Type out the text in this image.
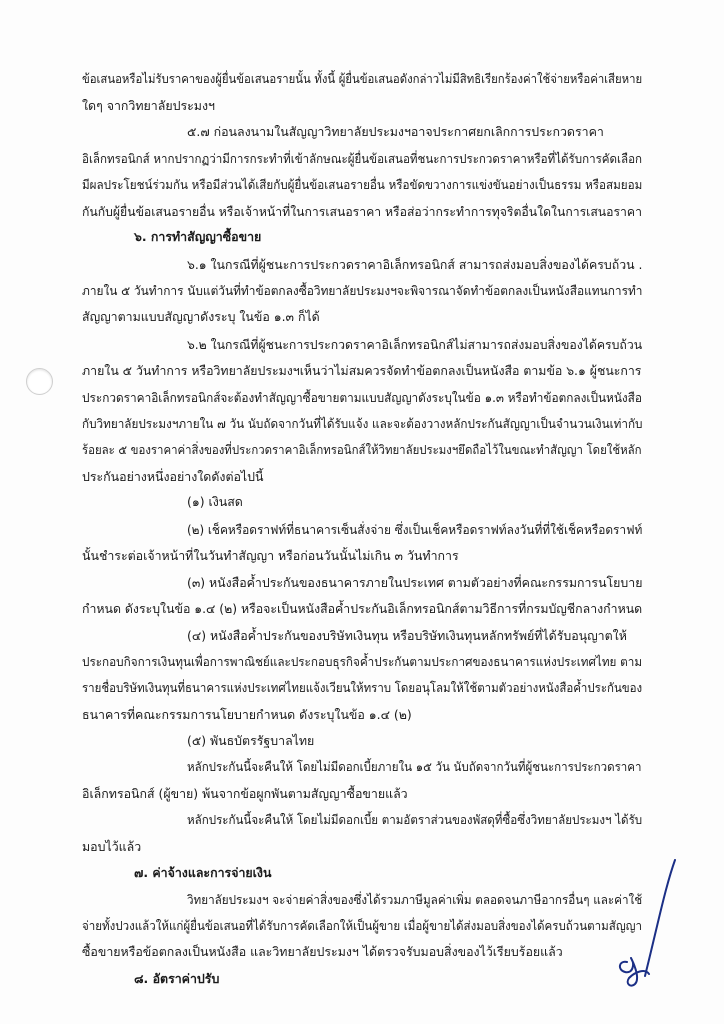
ข้อเสนอหรือไม่รับราคาของผู้ยื่นข้อเสนอรายนั้น ทั้งนี้ ผู้ยื่นข้อเสนอดังกล่าวไม่มีสิทธิเรียกร้องค่าใช้จ่ายหรือค่าเสียหาย
ใดๆ จากวิทยาลัยประมงฯ
๕.๗ ก่อนลงนามในสัญญาวิทยาลัยประมงฯอาจประกาศยกเลิกการประกวดราคา
อิเล็กทรอนิกส์ หากปรากฏว่ามีการกระทำที่เข้าลักษณะผู้ยื่นข้อเสนอที่ชนะการประกวดราคาหรือที่ได้รับการคัดเลือก
มีผลประโยชน์ร่วมกัน หรือมีส่วนได้เสียกับผู้ยื่นข้อเสนอรายอื่น หรือขัดขวางการแข่งขันอย่างเป็นธรรม หรือสมยอม
กันกับผู้ยื่นข้อเสนอรายอื่น หรือเจ้าหน้าที่ในการเสนอราคา หรือส่อว่ากระทำการทุจริตอื่นใดในการเสนอราคา
๖. การทำสัญญาซื้อขาย
๖.๑ ในกรณีที่ผู้ชนะการประกวดราคาอิเล็กทรอนิกส์ สามารถส่งมอบสิ่งของได้ครบถ้วน .
ภายใน ๕ วันทำการ นับแต่วันที่ทำข้อตกลงซื้อวิทยาลัยประมงฯจะพิจารณาจัดทำข้อตกลงเป็นหนังสือแทนการทำ
สัญญาตามแบบสัญญาดังระบุ ในข้อ ๑.๓ ก็ได้
๖.๒ ในกรณีที่ผู้ชนะการประกวดราคาอิเล็กทรอนิกส์ไม่สามารถส่งมอบสิ่งของได้ครบถ้วน
ภายใน ๕ วันทำการ หรือวิทยาลัยประมงฯเห็นว่าไม่สมควรจัดทำข้อตกลงเป็นหนังสือ ตามข้อ ๖.๑ ผู้ชนะการ
ประกวดราคาอิเล็กทรอนิกส์จะต้องทำสัญญาซื้อขายตามแบบสัญญาดังระบุในข้อ ๑.๓ หรือทำข้อตกลงเป็นหนังสือ
กับวิทยาลัยประมงฯภายใน ๗ วัน นับถัดจากวันที่ได้รับแจ้ง และจะต้องวางหลักประกันสัญญาเป็นจำนวนเงินเท่ากับ
ร้อยละ ๕ ของราคาค่าสิ่งของที่ประกวดราคาอิเล็กทรอนิกส์ให้วิทยาลัยประมงฯยึดถือไว้ในขณะทำสัญญา โดยใช้หลัก
ประกันอย่างหนึ่งอย่างใดดังต่อไปนี้
(๑) เงินสด
(๒) เช็คหรือดราฟท์ที่ธนาคารเซ็นสั่งจ่าย ซึ่งเป็นเช็คหรือดราฟท์ลงวันที่ที่ใช้เช็คหรือดราฟท์
นั้นชำระต่อเจ้าหน้าที่ในวันทำสัญญา หรือก่อนวันนั้นไม่เกิน ๓ วันทำการ
(๓) หนังสือค้ำประกันของธนาคารภายในประเทศ ตามตัวอย่างที่คณะกรรมการนโยบาย
กำหนด ดังระบุในข้อ ๑.๔ (๒) หรือจะเป็นหนังสือค้ำประกันอิเล็กทรอนิกส์ตามวิธีการที่กรมบัญชีกลางกำหนด
(๔) หนังสือค้ำประกันของบริษัทเงินทุน หรือบริษัทเงินทุนหลักทรัพย์ที่ได้รับอนุญาตให้
ประกอบกิจการเงินทุนเพื่อการพาณิชย์และประกอบธุรกิจค้ำประกันตามประกาศของธนาคารแห่งประเทศไทย ตาม
รายชื่อบริษัทเงินทุนที่ธนาคารแห่งประเทศไทยแจ้งเวียนให้ทราบ โดยอนุโลมให้ใช้ตามตัวอย่างหนังสือค้ำประกันของ
ธนาคารที่คณะกรรมการนโยบายกำหนด ดังระบุในข้อ ๑.๔ (๒)
(๕) พันธบัตรรัฐบาลไทย
หลักประกันนี้จะคืนให้ โดยไม่มีดอกเบี้ยภายใน ๑๕ วัน นับถัดจากวันที่ผู้ชนะการประกวดราคา
อิเล็กทรอนิกส์ (ผู้ขาย) พ้นจากข้อผูกพันตามสัญญาซื้อขายแล้ว
หลักประกันนี้จะคืนให้ โดยไม่มีดอกเบี้ย ตามอัตราส่วนของพัสดุที่ซื้อซึ่งวิทยาลัยประมงฯ ได้รับ
มอบไว้แล้ว
๗. ค่าจ้างและการจ่ายเงิน
วิทยาลัยประมงฯ จะจ่ายค่าสิ่งของซึ่งได้รวมภาษีมูลค่าเพิ่ม ตลอดจนภาษีอากรอื่นๆ และค่าใช้
จ่ายทั้งปวงแล้วให้แก่ผู้ยื่นข้อเสนอที่ได้รับการคัดเลือกให้เป็นผู้ขาย เมื่อผู้ขายได้ส่งมอบสิ่งของได้ครบถ้วนตามสัญญา
ซื้อขายหรือข้อตกลงเป็นหนังสือ และวิทยาลัยประมงฯ ได้ตรวจรับมอบสิ่งของไว้เรียบร้อยแล้ว
๘. อัตราค่าปรับ
